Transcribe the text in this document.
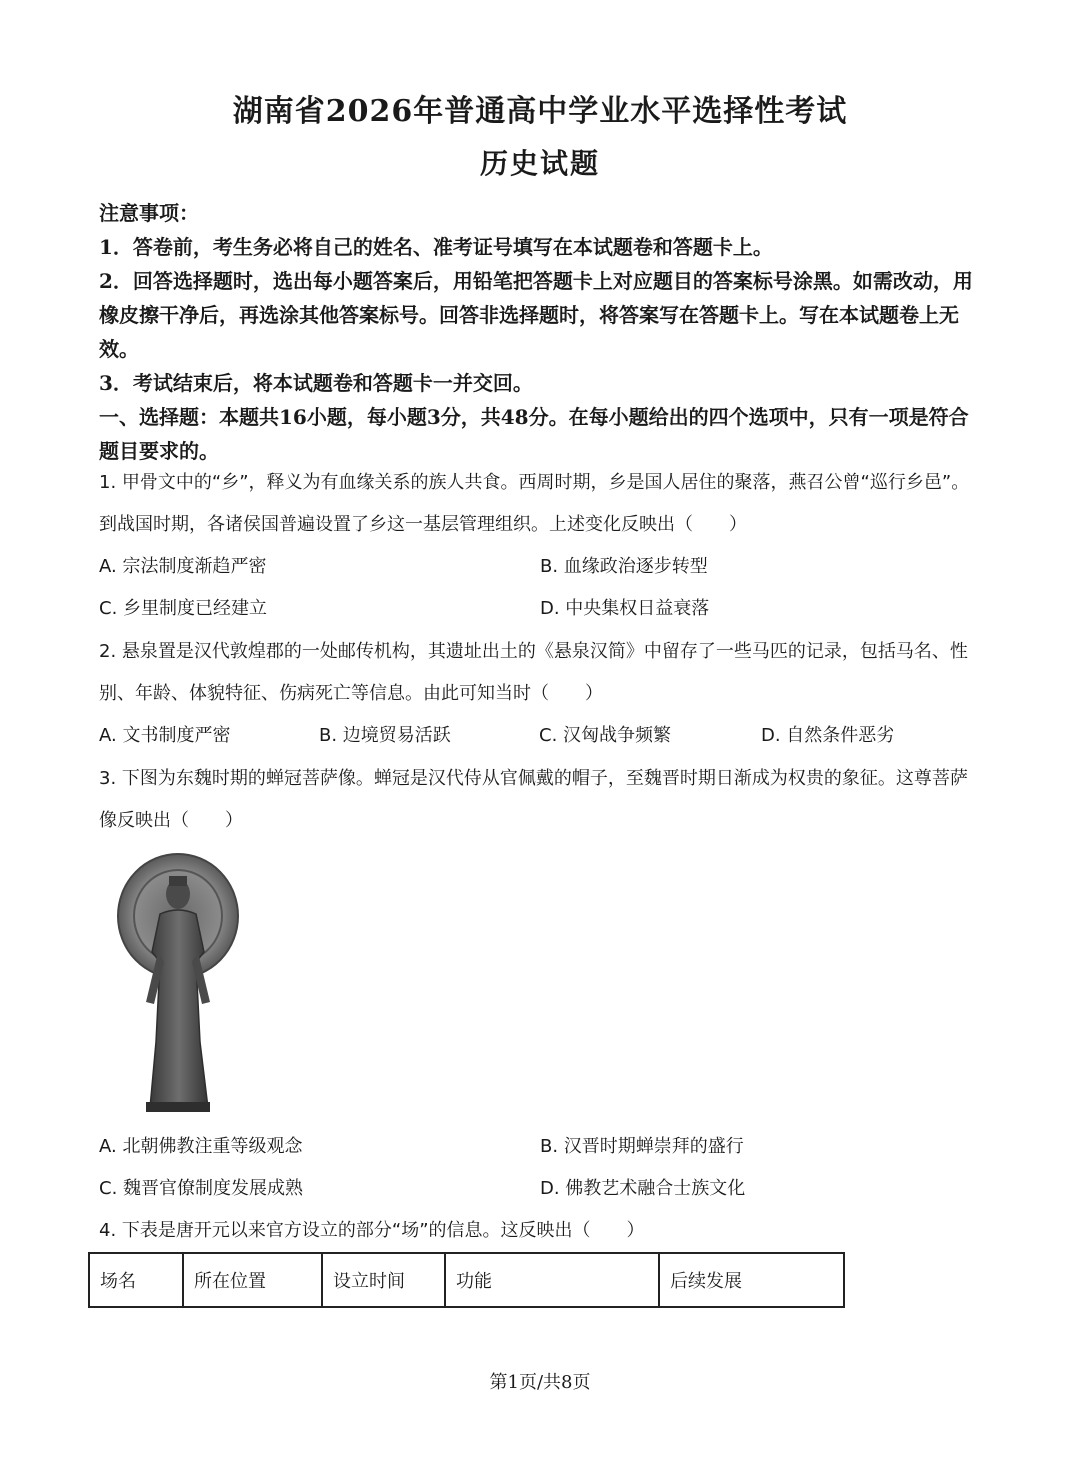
湖南省2026年普通高中学业水平选择性考试
历史试题

注意事项：

1．答卷前，考生务必将自己的姓名、准考证号填写在本试题卷和答题卡上。

2．回答选择题时，选出每小题答案后，用铅笔把答题卡上对应题目的答案标号涂黑。如需改动，用橡皮擦干净后，再选涂其他答案标号。回答非选择题时，将答案写在答题卡上。写在本试题卷上无效。

3．考试结束后，将本试题卷和答题卡一并交回。

一、选择题：本题共16小题，每小题3分，共48分。在每小题给出的四个选项中，只有一项是符合题目要求的。

1. 甲骨文中的“乡”，释义为有血缘关系的族人共食。西周时期，乡是国人居住的聚落，燕召公曾“巡行乡邑”。到战国时期，各诸侯国普遍设置了乡这一基层管理组织。上述变化反映出（　　）

A. 宗法制度渐趋严密	B. 血缘政治逐步转型

C. 乡里制度已经建立	D. 中央集权日益衰落

2. 悬泉置是汉代敦煌郡的一处邮传机构，其遗址出土的《悬泉汉简》中留存了一些马匹的记录，包括马名、性别、年龄、体貌特征、伤病死亡等信息。由此可知当时（　　）

A. 文书制度严密	B. 边境贸易活跃	C. 汉匈战争频繁	D. 自然条件恶劣

3. 下图为东魏时期的蝉冠菩萨像。蝉冠是汉代侍从官佩戴的帽子，至魏晋时期日渐成为权贵的象征。这尊菩萨像反映出（　　）

A. 北朝佛教注重等级观念	B. 汉晋时期蝉崇拜的盛行

C. 魏晋官僚制度发展成熟	D. 佛教艺术融合士族文化

4. 下表是唐开元以来官方设立的部分“场”的信息。这反映出（　　）

场名	所在位置	设立时间	功能	后续发展
第1页/共8页
